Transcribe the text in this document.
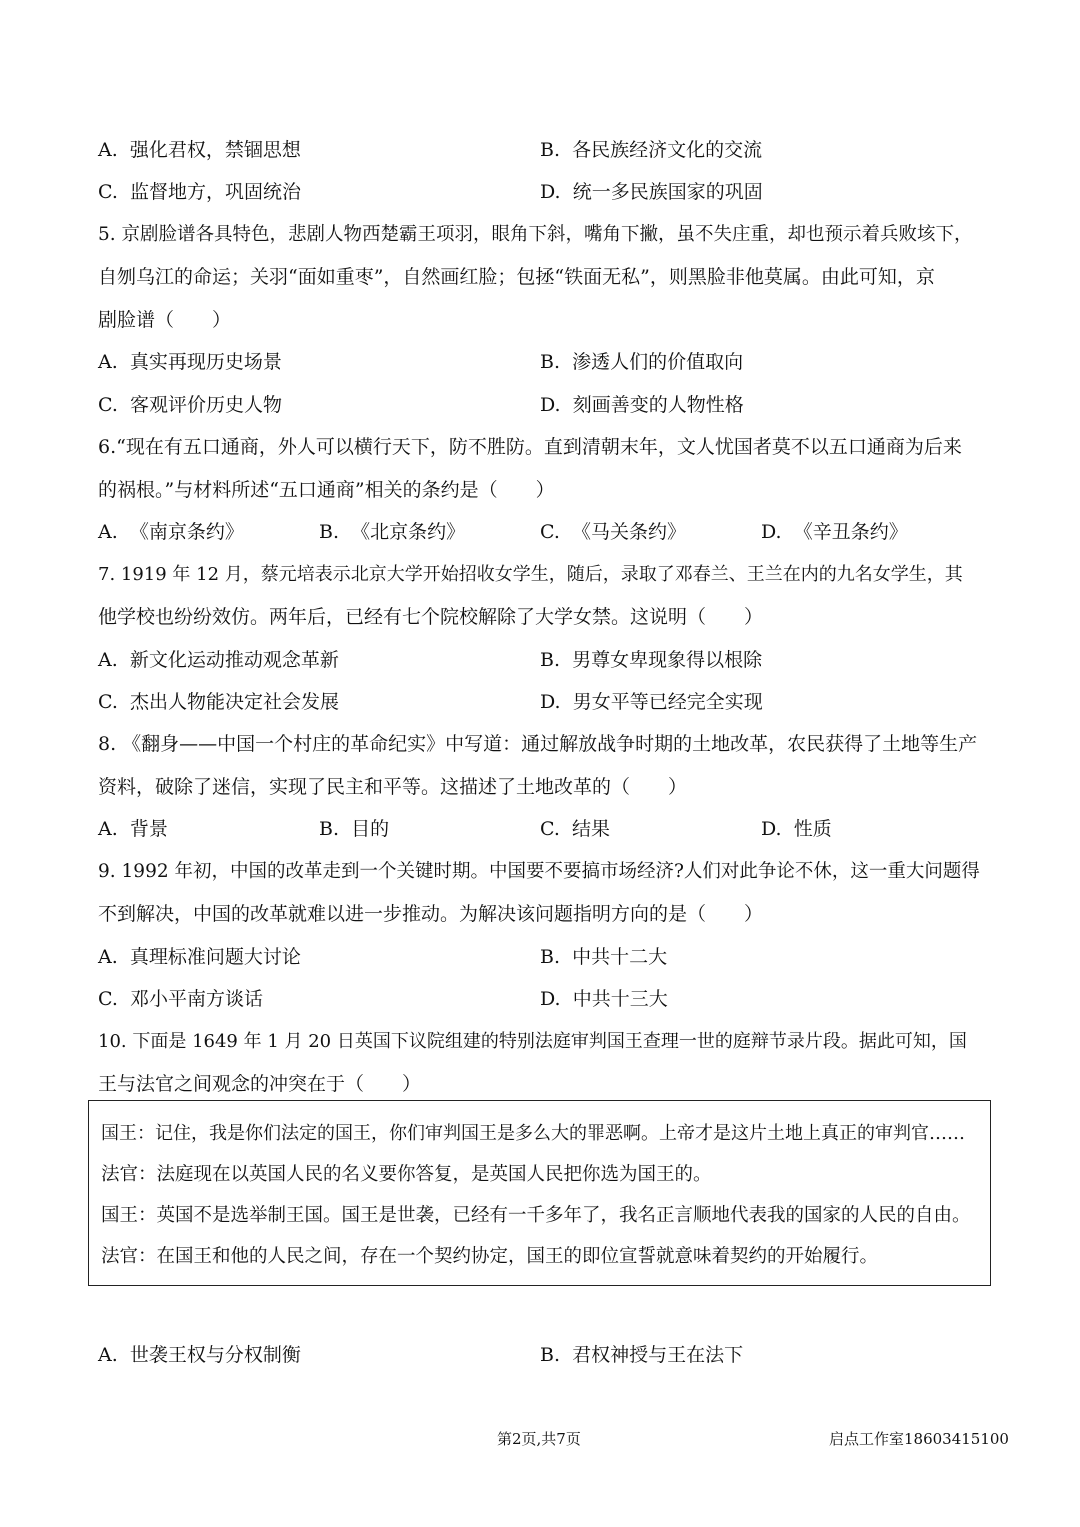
A. 强化君权，禁锢思想	B. 各民族经济文化的交流
C. 监督地方，巩固统治	D. 统一多民族国家的巩固
5. 京剧脸谱各具特色，悲剧人物西楚霸王项羽，眼角下斜，嘴角下撇，虽不失庄重，却也预示着兵败垓下，
自刎乌江的命运；关羽“面如重枣”，自然画红脸；包拯“铁面无私”，则黑脸非他莫属。由此可知，京
剧脸谱（　　）
A. 真实再现历史场景	B. 渗透人们的价值取向
C. 客观评价历史人物	D. 刻画善变的人物性格
6.“现在有五口通商，外人可以横行天下，防不胜防。直到清朝末年，文人忧国者莫不以五口通商为后来
的祸根。”与材料所述“五口通商”相关的条约是（　　）
A. 《南京条约》	B. 《北京条约》	C. 《马关条约》	D. 《辛丑条约》
7. 1919 年 12 月，蔡元培表示北京大学开始招收女学生，随后，录取了邓春兰、王兰在内的九名女学生，其
他学校也纷纷效仿。两年后，已经有七个院校解除了大学女禁。这说明（　　）
A. 新文化运动推动观念革新	B. 男尊女卑现象得以根除
C. 杰出人物能决定社会发展	D. 男女平等已经完全实现
8. 《翻身——中国一个村庄的革命纪实》中写道：通过解放战争时期的土地改革，农民获得了土地等生产
资料，破除了迷信，实现了民主和平等。这描述了土地改革的（　　）
A. 背景	B. 目的	C. 结果	D. 性质
9. 1992 年初，中国的改革走到一个关键时期。中国要不要搞市场经济?人们对此争论不休，这一重大问题得
不到解决，中国的改革就难以进一步推动。为解决该问题指明方向的是（　　）
A. 真理标准问题大讨论	B. 中共十二大
C. 邓小平南方谈话	D. 中共十三大
10. 下面是 1649 年 1 月 20 日英国下议院组建的特别法庭审判国王查理一世的庭辩节录片段。据此可知，国
王与法官之间观念的冲突在于（　　）
国王：记住，我是你们法定的国王，你们审判国王是多么大的罪恶啊。上帝才是这片土地上真正的审判官……
法官：法庭现在以英国人民的名义要你答复，是英国人民把你选为国王的。
国王：英国不是选举制王国。国王是世袭，已经有一千多年了，我名正言顺地代表我的国家的人民的自由。
法官：在国王和他的人民之间，存在一个契约协定，国王的即位宣誓就意味着契约的开始履行。
A. 世袭王权与分权制衡	B. 君权神授与王在法下
第2页,共7页	启点工作室18603415100
